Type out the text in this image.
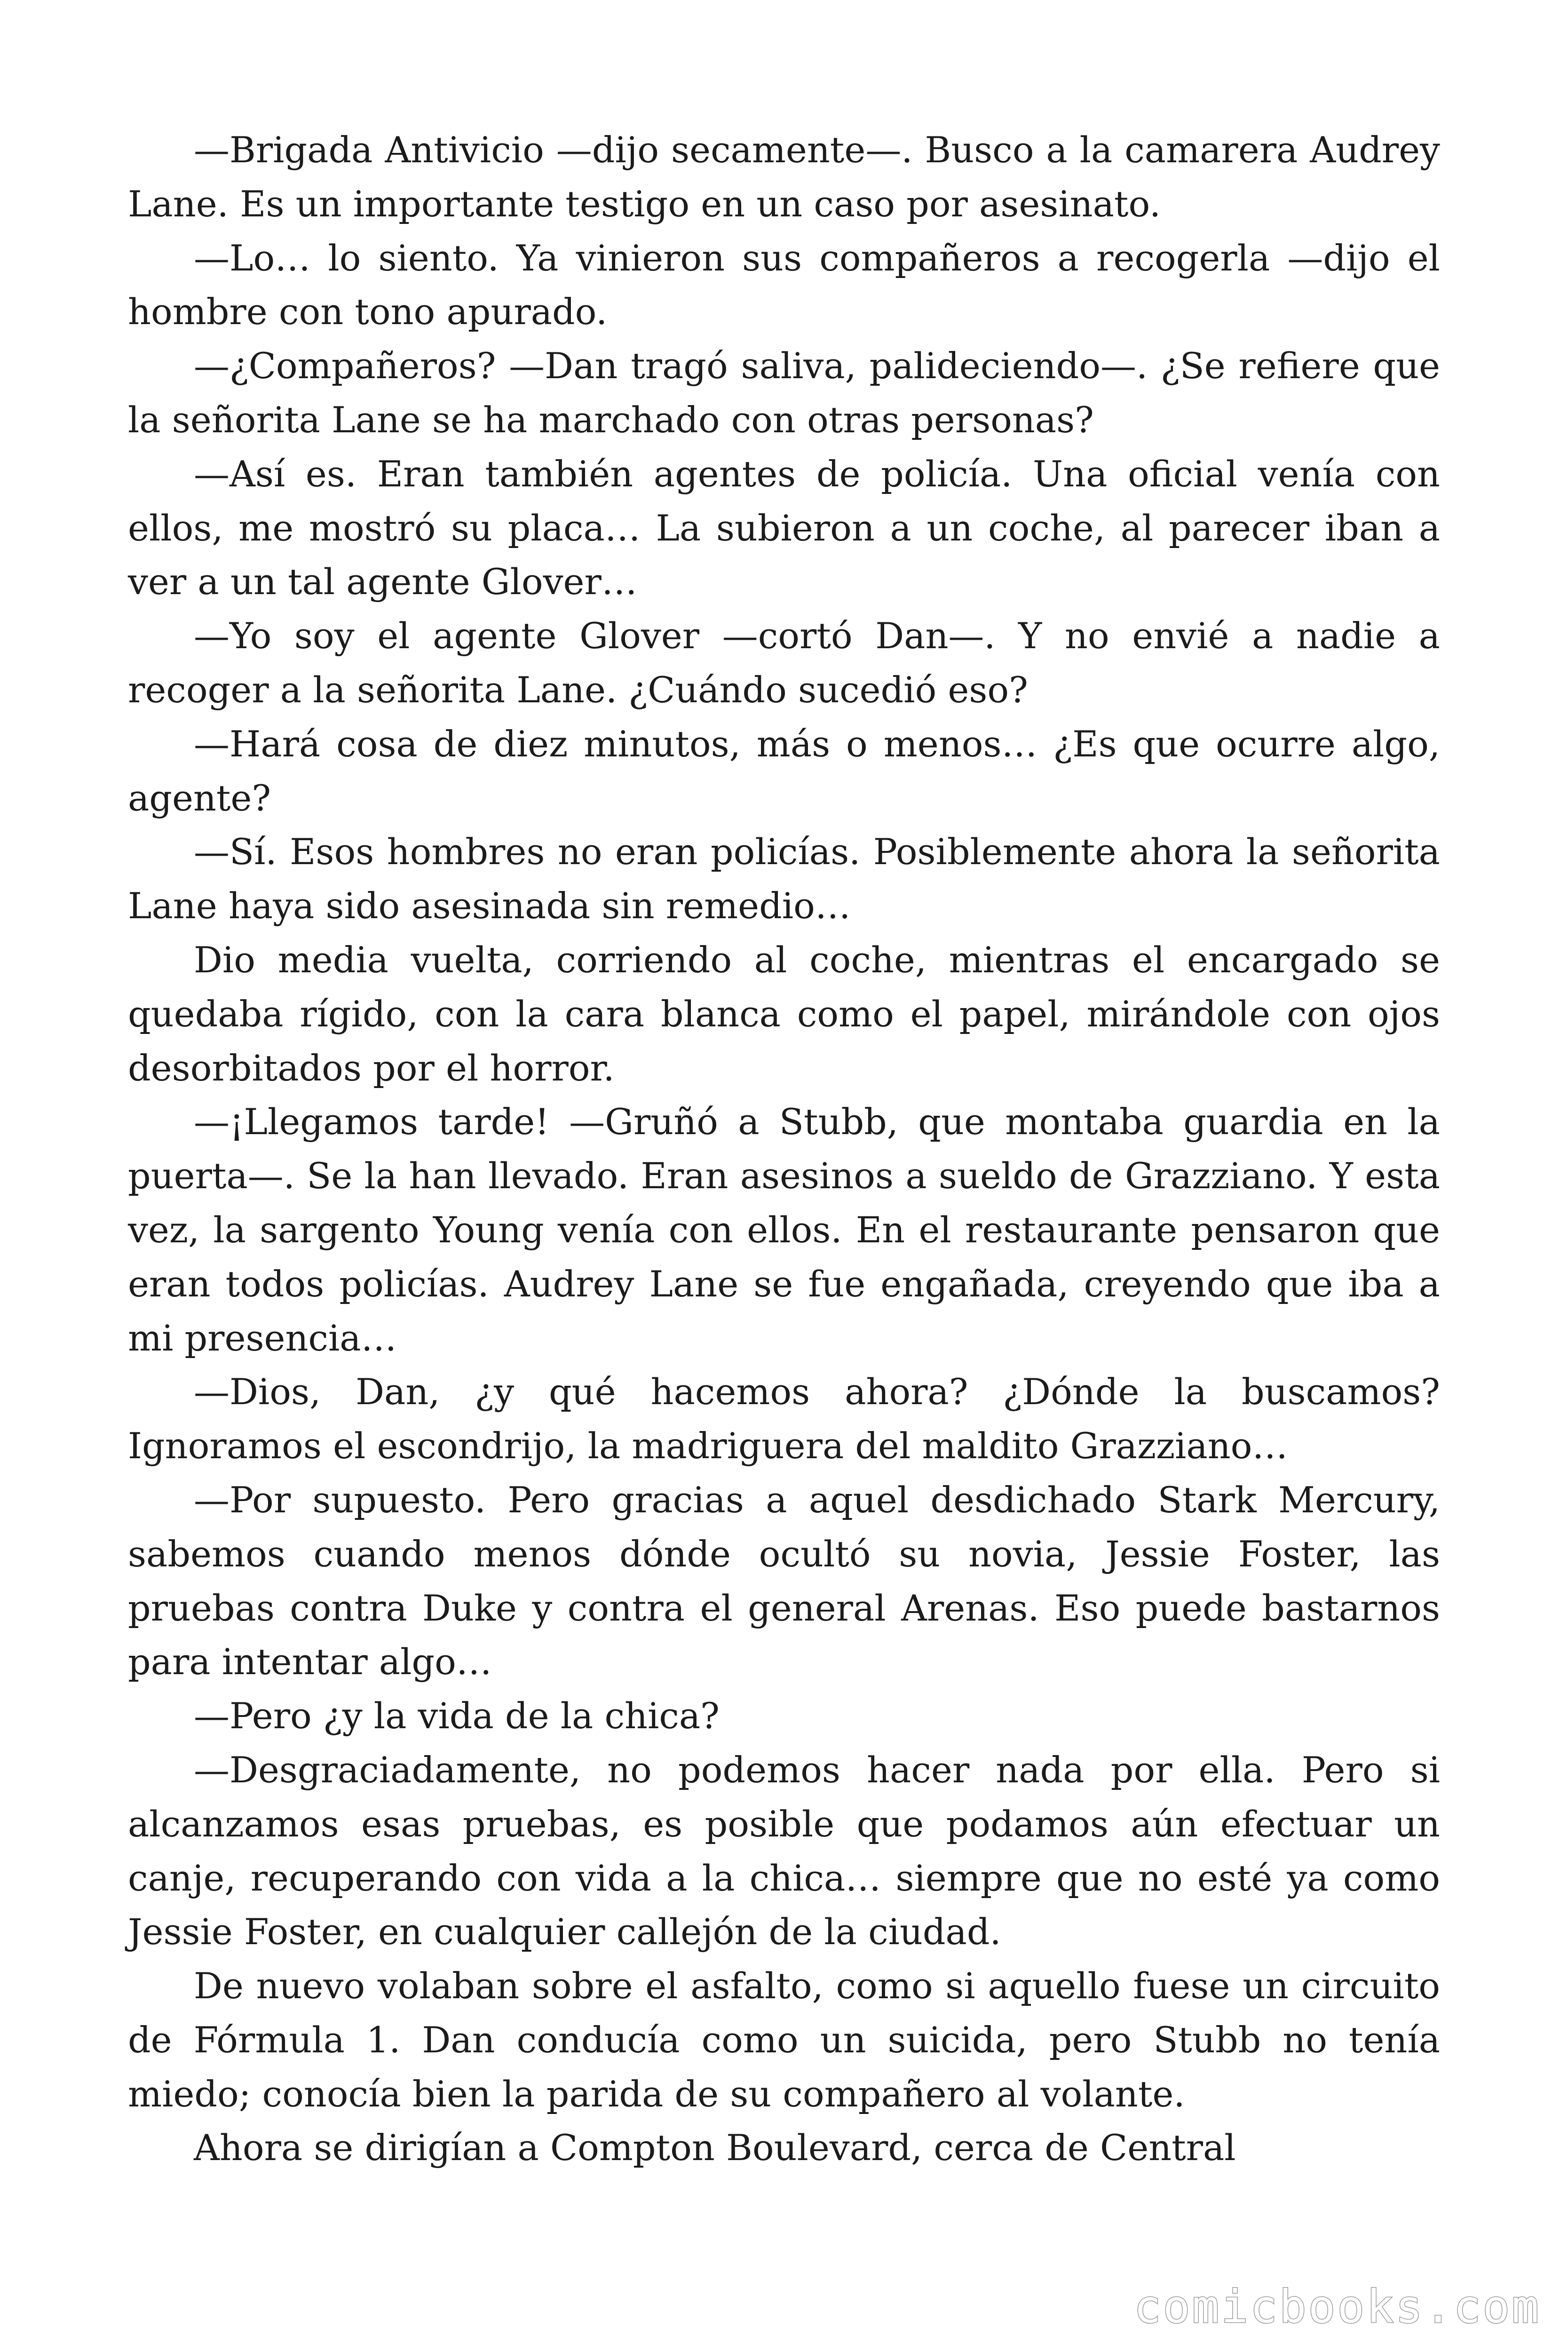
—Brigada Antivicio —dijo secamente—. Busco a la camarera Audrey Lane. Es un importante testigo en un caso por asesinato.

—Lo… lo siento. Ya vinieron sus compañeros a recogerla —dijo el hombre con tono apurado.

—¿Compañeros? —Dan tragó saliva, palideciendo—. ¿Se refiere que la señorita Lane se ha marchado con otras personas?

—Así es. Eran también agentes de policía. Una oficial venía con ellos, me mostró su placa… La subieron a un coche, al parecer iban a ver a un tal agente Glover…

—Yo soy el agente Glover —cortó Dan—. Y no envié a nadie a recoger a la señorita Lane. ¿Cuándo sucedió eso?

—Hará cosa de diez minutos, más o menos… ¿Es que ocurre algo, agente?

—Sí. Esos hombres no eran policías. Posiblemente ahora la señorita Lane haya sido asesinada sin remedio…

Dio media vuelta, corriendo al coche, mientras el encargado se quedaba rígido, con la cara blanca como el papel, mirándole con ojos desorbitados por el horror.

—¡Llegamos tarde! —Gruñó a Stubb, que montaba guardia en la puerta—. Se la han llevado. Eran asesinos a sueldo de Grazziano. Y esta vez, la sargento Young venía con ellos. En el restaurante pensaron que eran todos policías. Audrey Lane se fue engañada, creyendo que iba a mi presencia…

—Dios, Dan, ¿y qué hacemos ahora? ¿Dónde la buscamos? Ignoramos el escondrijo, la madriguera del maldito Grazziano…

—Por supuesto. Pero gracias a aquel desdichado Stark Mercury, sabemos cuando menos dónde ocultó su novia, Jessie Foster, las pruebas contra Duke y contra el general Arenas. Eso puede bastarnos para intentar algo…

—Pero ¿y la vida de la chica?

—Desgraciadamente, no podemos hacer nada por ella. Pero si alcanzamos esas pruebas, es posible que podamos aún efectuar un canje, recuperando con vida a la chica… siempre que no esté ya como Jessie Foster, en cualquier callejón de la ciudad.

De nuevo volaban sobre el asfalto, como si aquello fuese un circuito de Fórmula 1. Dan conducía como un suicida, pero Stubb no tenía miedo; conocía bien la parida de su compañero al volante.

Ahora se dirigían a Compton Boulevard, cerca de Central

comicbooks.com
